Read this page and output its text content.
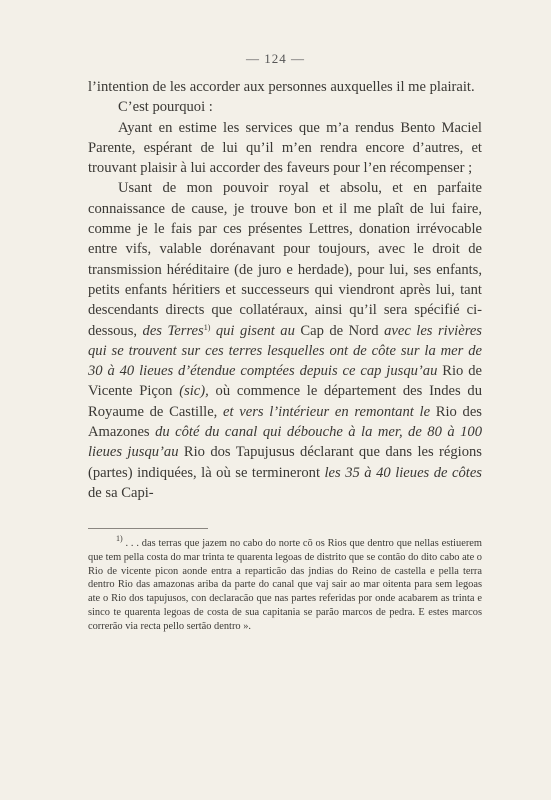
— 124 —

l’intention de les accorder aux personnes auxquelles il me plairait.

C’est pourquoi :

Ayant en estime les services que m’a rendus Bento Maciel Parente, espérant de lui qu’il m’en rendra encore d’autres, et trouvant plaisir à lui accorder des faveurs pour l’en récompenser ;

Usant de mon pouvoir royal et absolu, et en parfaite connaissance de cause, je trouve bon et il me plaît de lui faire, comme je le fais par ces présentes Lettres, donation irrévocable entre vifs, valable dorénavant pour toujours, avec le droit de transmission héréditaire (de juro e herdade), pour lui, ses enfants, petits enfants héritiers et successeurs qui viendront après lui, tant descendants directs que collatéraux, ainsi qu’il sera spécifié ci-dessous, des Terres$^{1)}$ qui gisent au Cap de Nord avec les rivières qui se trouvent sur ces terres lesquelles ont de côte sur la mer de 30 à 40 lieues d’étendue comptées depuis ce cap jusqu’au Rio de Vicente Piçon (sic), où commence le département des Indes du Royaume de Castille, et vers l’intérieur en remontant le Rio des Amazones du côté du canal qui débouche à la mer, de 80 à 100 lieues jusqu’au Rio dos Tapujusus déclarant que dans les régions (partes) indiquées, là où se termineront les 35 à 40 lieues de côtes de sa Capi-

$^{1)}$ . . . das terras que jazem no cabo do norte cõ os Rios que dentro que nellas estiuerem que tem pella costa do mar trinta te quarenta legoas de distrito que se contão do dito cabo ate o Rio de vicente picon aonde entra a reparticão das jndias do Reino de castella e pella terra dentro Rio das amazonas ariba da parte do canal que vaj sair ao mar oitenta para sem legoas ate o Rio dos tapujusos, con declaracão que nas partes referidas por onde acabarem as trinta e sinco te quarenta legoas de costa de sua capitania se parão marcos de pedra. E estes marcos correrão via recta pello sertão dentro ».
